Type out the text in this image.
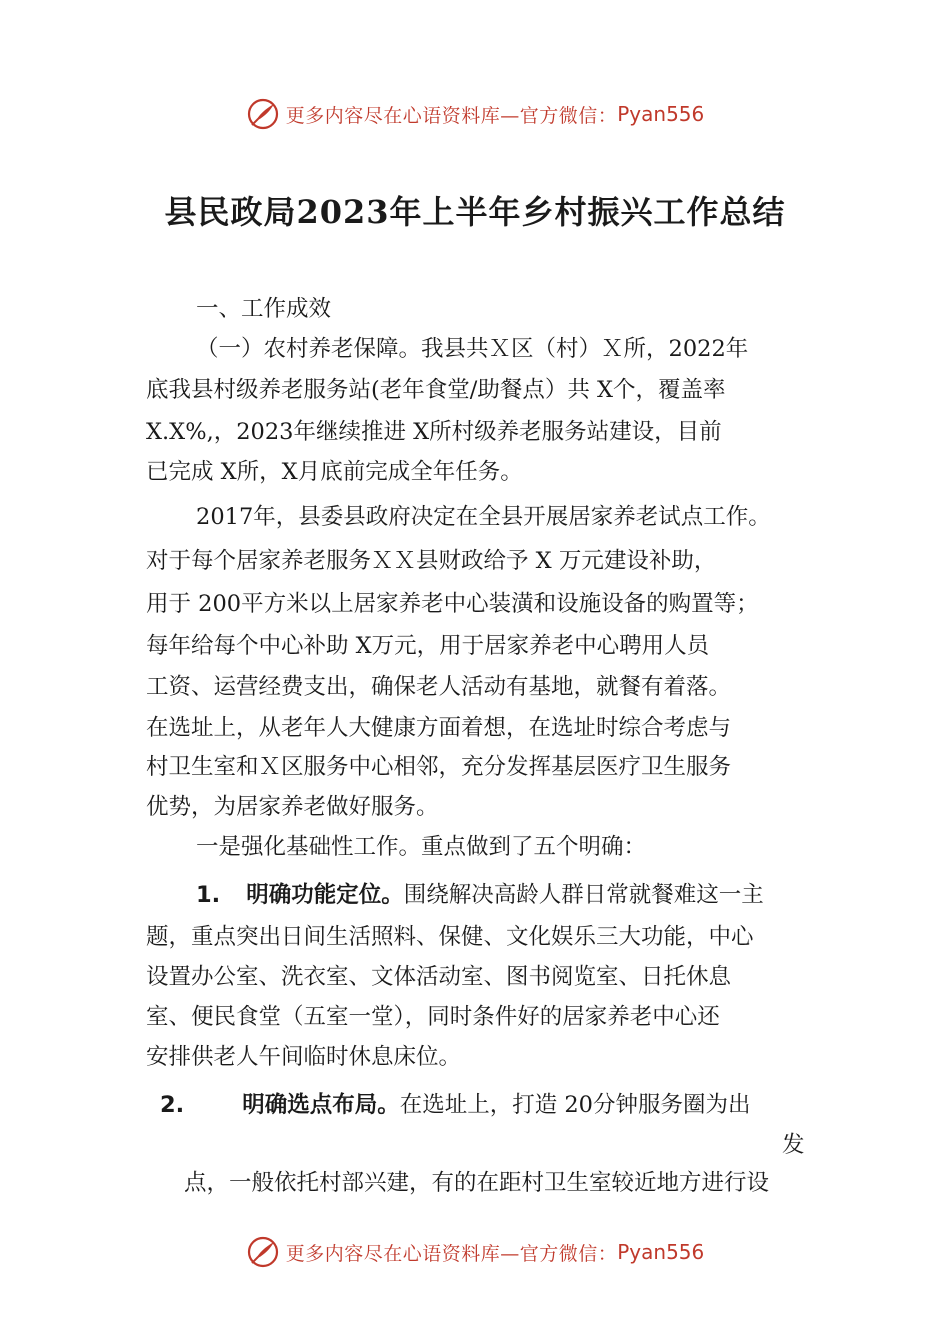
更多内容尽在心语资料库—官方微信： Pyan556
县民政局2023年上半年乡村振兴工作总结
一、工作成效
（一）农村养老保障。我县共Ｘ区（村）Ｘ所，2022年
底我县村级养老服务站(老年食堂/助餐点）共 X个，覆盖率
X.X%,，2023年继续推进 X所村级养老服务站建设，目前
已完成 X所，X月底前完成全年任务。
2017年，县委县政府决定在全县开展居家养老试点工作。
对于每个居家养老服务ＸＸ县财政给予 X 万元建设补助，
用于 200平方米以上居家养老中心装潢和设施设备的购置等；
每年给每个中心补助 X万元，用于居家养老中心聘用人员
工资、运营经费支出，确保老人活动有基地，就餐有着落。
在选址上，从老年人大健康方面着想，在选址时综合考虑与
村卫生室和Ｘ区服务中心相邻，充分发挥基层医疗卫生服务
优势，为居家养老做好服务。
一是强化基础性工作。重点做到了五个明确：
1. 明确功能定位。围绕解决高龄人群日常就餐难这一主
题，重点突出日间生活照料、保健、文化娱乐三大功能，中心
设置办公室、洗衣室、文体活动室、图书阅览室、日托休息
室、便民食堂（五室一堂），同时条件好的居家养老中心还
安排供老人午间临时休息床位。
2.	明确选点布局。在选址上，打造 20分钟服务圈为出
发
点，一般依托村部兴建，有的在距村卫生室较近地方进行设
更多内容尽在心语资料库—官方微信： Pyan556
